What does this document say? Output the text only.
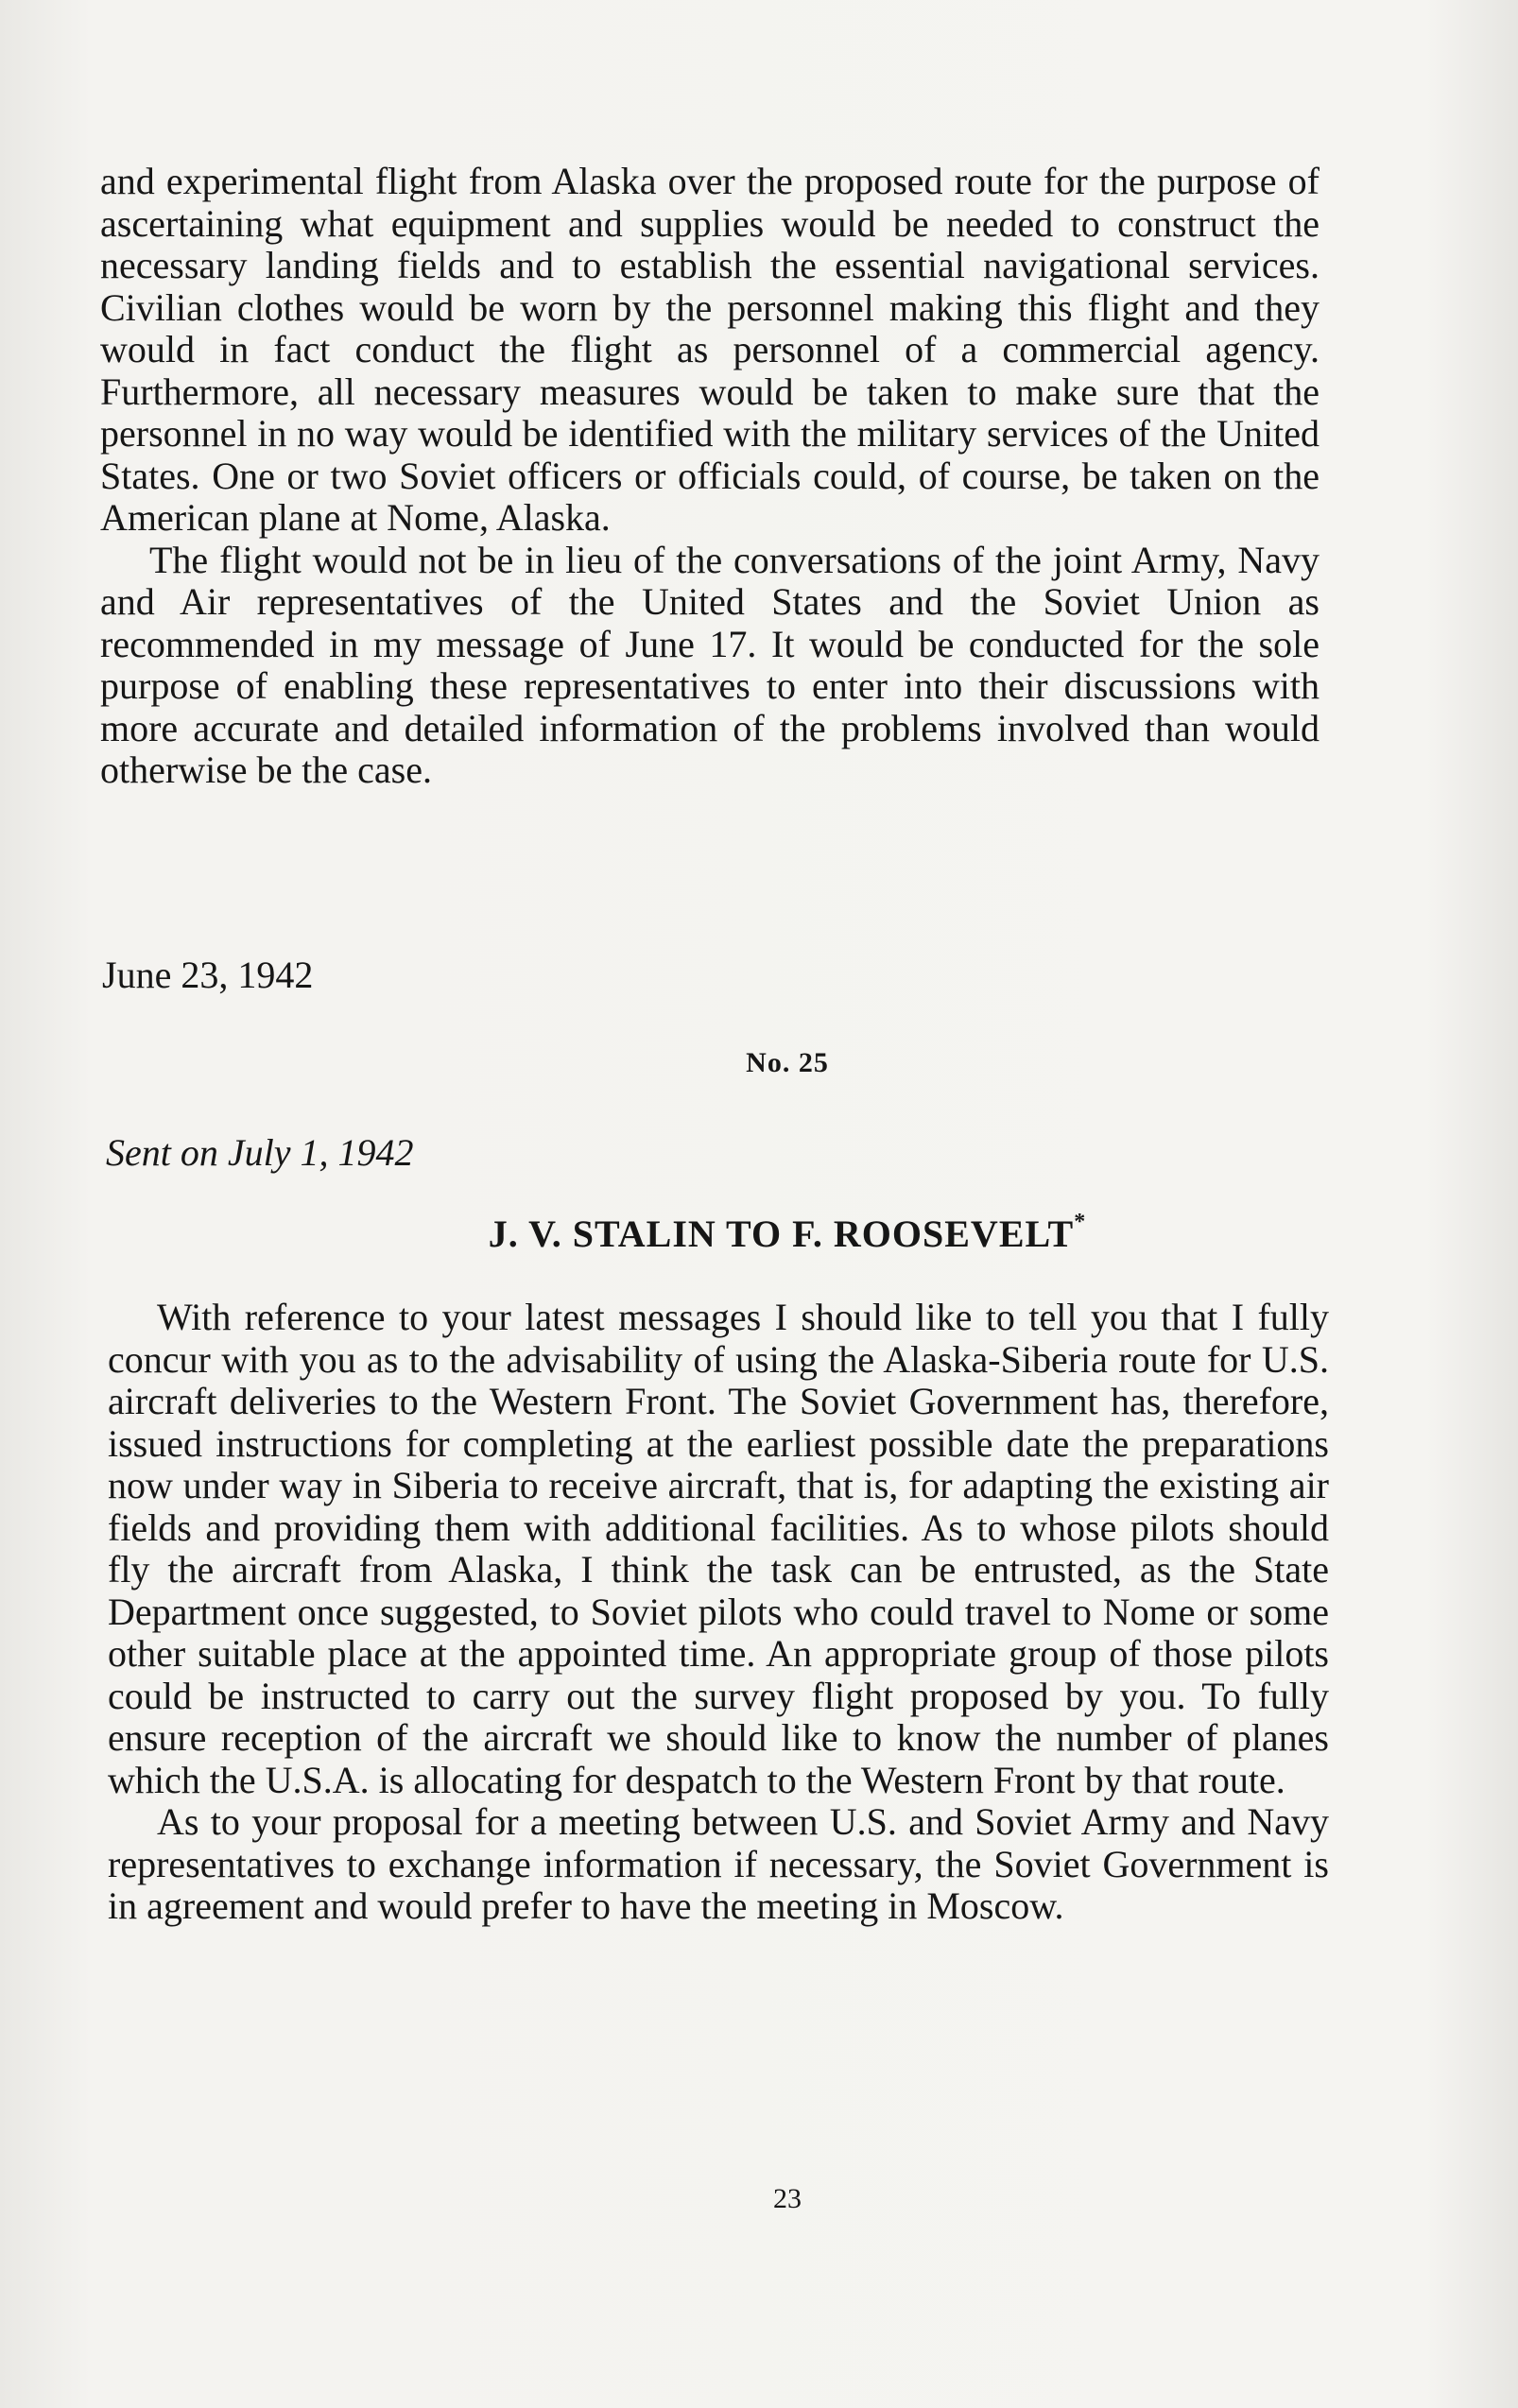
and experimental flight from Alaska over the proposed route for the purpose of ascertaining what equipment and supplies would be needed to construct the necessary landing fields and to establish the essential navigational services. Civilian clothes would be worn by the personnel making this flight and they would in fact conduct the flight as personnel of a commercial agency. Furthermore, all necessary measures would be taken to make sure that the personnel in no way would be identified with the military services of the United States. One or two Soviet officers or officials could, of course, be taken on the American plane at Nome, Alaska.

The flight would not be in lieu of the conversations of the joint Army, Navy and Air representatives of the United States and the Soviet Union as recommended in my message of June 17. It would be conducted for the sole purpose of enabling these representatives to enter into their discussions with more accurate and detailed information of the problems involved than would otherwise be the case.

June 23, 1942
No. 25
Sent on July 1, 1942
J. V. STALIN TO F. ROOSEVELT*

With reference to your latest messages I should like to tell you that I fully concur with you as to the advisability of using the Alaska-Siberia route for U.S. aircraft deliveries to the Western Front. The Soviet Government has, therefore, issued instructions for completing at the earliest possible date the preparations now under way in Siberia to receive aircraft, that is, for adapting the existing air fields and providing them with additional facilities. As to whose pilots should fly the aircraft from Alaska, I think the task can be entrusted, as the State Department once suggested, to Soviet pilots who could travel to Nome or some other suitable place at the appointed time. An appropriate group of those pilots could be instructed to carry out the survey flight proposed by you. To fully ensure reception of the aircraft we should like to know the number of planes which the U.S.A. is allocating for despatch to the Western Front by that route.

As to your proposal for a meeting between U.S. and Soviet Army and Navy representatives to exchange information if necessary, the Soviet Government is in agreement and would prefer to have the meeting in Moscow.

23
